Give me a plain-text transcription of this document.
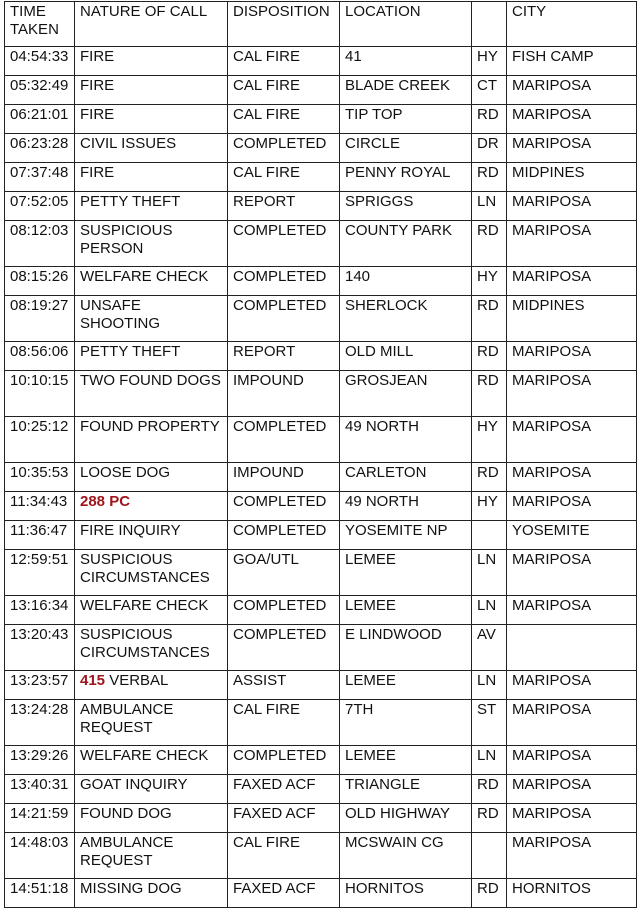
TIME TAKEN	NATURE OF CALL	DISPOSITION	LOCATION		CITY
04:54:33	FIRE	CAL FIRE	41	HY	FISH CAMP
05:32:49	FIRE	CAL FIRE	BLADE CREEK	CT	MARIPOSA
06:21:01	FIRE	CAL FIRE	TIP TOP	RD	MARIPOSA
06:23:28	CIVIL ISSUES	COMPLETED	CIRCLE	DR	MARIPOSA
07:37:48	FIRE	CAL FIRE	PENNY ROYAL	RD	MIDPINES
07:52:05	PETTY THEFT	REPORT	SPRIGGS	LN	MARIPOSA
08:12:03	SUSPICIOUS PERSON	COMPLETED	COUNTY PARK	RD	MARIPOSA
08:15:26	WELFARE CHECK	COMPLETED	140	HY	MARIPOSA
08:19:27	UNSAFE SHOOTING	COMPLETED	SHERLOCK	RD	MIDPINES
08:56:06	PETTY THEFT	REPORT	OLD MILL	RD	MARIPOSA
10:10:15	TWO FOUND DOGS	IMPOUND	GROSJEAN	RD	MARIPOSA
10:25:12	FOUND PROPERTY	COMPLETED	49 NORTH	HY	MARIPOSA
10:35:53	LOOSE DOG	IMPOUND	CARLETON	RD	MARIPOSA
11:34:43	288 PC	COMPLETED	49 NORTH	HY	MARIPOSA
11:36:47	FIRE INQUIRY	COMPLETED	YOSEMITE NP		YOSEMITE
12:59:51	SUSPICIOUS CIRCUMSTANCES	GOA/UTL	LEMEE	LN	MARIPOSA
13:16:34	WELFARE CHECK	COMPLETED	LEMEE	LN	MARIPOSA
13:20:43	SUSPICIOUS CIRCUMSTANCES	COMPLETED	E LINDWOOD	AV	
13:23:57	415 VERBAL	ASSIST	LEMEE	LN	MARIPOSA
13:24:28	AMBULANCE REQUEST	CAL FIRE	7TH	ST	MARIPOSA
13:29:26	WELFARE CHECK	COMPLETED	LEMEE	LN	MARIPOSA
13:40:31	GOAT INQUIRY	FAXED ACF	TRIANGLE	RD	MARIPOSA
14:21:59	FOUND DOG	FAXED ACF	OLD HIGHWAY	RD	MARIPOSA
14:48:03	AMBULANCE REQUEST	CAL FIRE	MCSWAIN CG		MARIPOSA
14:51:18	MISSING DOG	FAXED ACF	HORNITOS	RD	HORNITOS
